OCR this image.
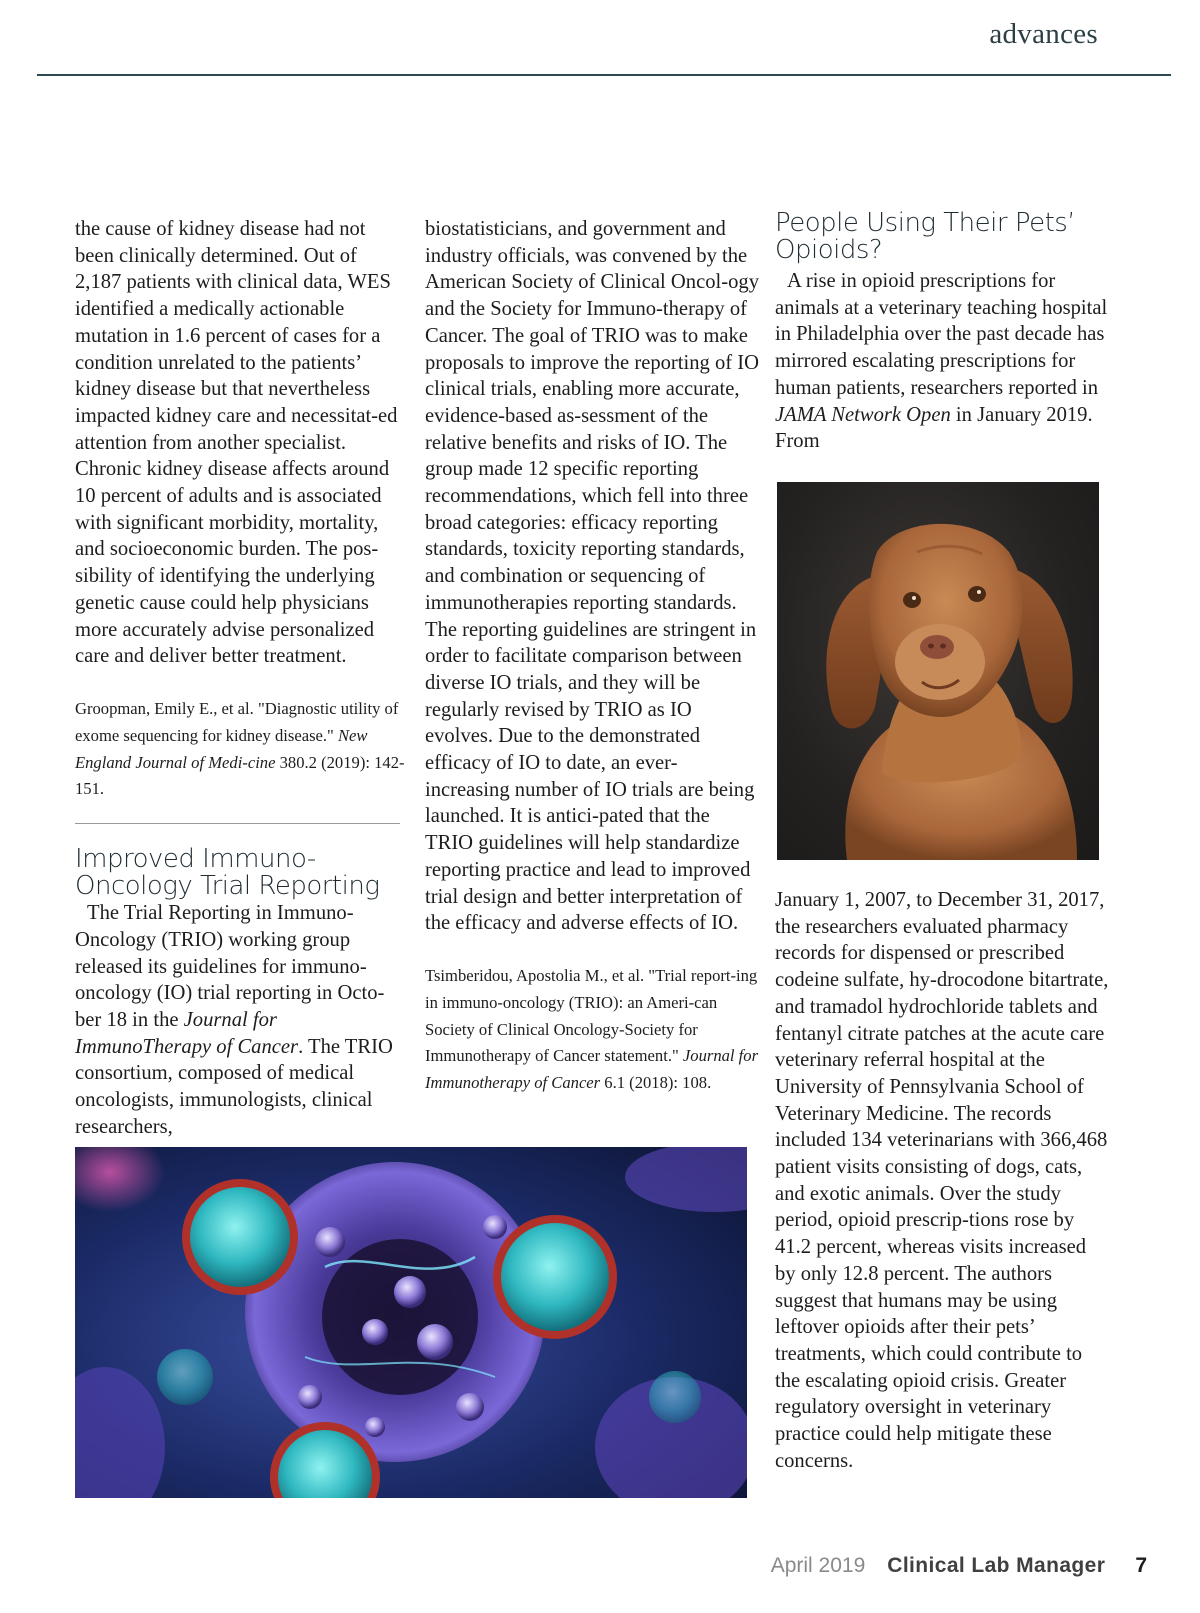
advances

the cause of kidney disease had not been clinically determined. Out of 2,187 patients with clinical data, WES identified a medically actionable mutation in 1.6 percent of cases for a condition unrelated to the patients’ kidney disease but that nevertheless impacted kidney care and necessitat-ed attention from another specialist. Chronic kidney disease affects around 10 percent of adults and is associated with significant morbidity, mortality, and socioeconomic burden. The pos-sibility of identifying the underlying genetic cause could help physicians more accurately advise personalized care and deliver better treatment.

Groopman, Emily E., et al. "Diagnostic utility of exome sequencing for kidney disease." New England Journal of Medi-cine 380.2 (2019): 142-151.

Improved Immuno-Oncology Trial Reporting

The Trial Reporting in Immuno-Oncology (TRIO) working group released its guidelines for immuno-oncology (IO) trial reporting in Octo-ber 18 in the Journal for ImmunoTherapy of Cancer. The TRIO consortium, composed of medical oncologists, immunologists, clinical researchers,

biostatisticians, and government and industry officials, was convened by the American Society of Clinical Oncol-ogy and the Society for Immuno-therapy of Cancer. The goal of TRIO was to make proposals to improve the reporting of IO clinical trials, enabling more accurate, evidence-based as-sessment of the relative benefits and risks of IO. The group made 12 specific reporting recommendations, which fell into three broad categories: efficacy reporting standards, toxicity reporting standards, and combination or sequencing of immunotherapies reporting standards. The reporting guidelines are stringent in order to facilitate comparison between diverse IO trials, and they will be regularly revised by TRIO as IO evolves. Due to the demonstrated efficacy of IO to date, an ever-increasing number of IO trials are being launched. It is antici-pated that the TRIO guidelines will help standardize reporting practice and lead to improved trial design and better interpretation of the efficacy and adverse effects of IO.

Tsimberidou, Apostolia M., et al. "Trial report-ing in immuno-oncology (TRIO): an Ameri-can Society of Clinical Oncology-Society for Immunotherapy of Cancer statement." Journal for Immunotherapy of Cancer 6.1 (2018): 108.

People Using Their Pets’ Opioids?

A rise in opioid prescriptions for animals at a veterinary teaching hospital in Philadelphia over the past decade has mirrored escalating prescriptions for human patients, researchers reported in JAMA Network Open in January 2019. From

January 1, 2007, to December 31, 2017, the researchers evaluated pharmacy records for dispensed or prescribed codeine sulfate, hy-drocodone bitartrate, and tramadol hydrochloride tablets and fentanyl citrate patches at the acute care veterinary referral hospital at the University of Pennsylvania School of Veterinary Medicine. The records included 134 veterinarians with 366,468 patient visits consisting of dogs, cats, and exotic animals. Over the study period, opioid prescrip-tions rose by 41.2 percent, whereas visits increased by only 12.8 percent. The authors suggest that humans may be using leftover opioids after their pets’ treatments, which could contribute to the escalating opioid crisis. Greater regulatory oversight in veterinary practice could help mitigate these concerns.

April 2019 Clinical Lab Manager 7
